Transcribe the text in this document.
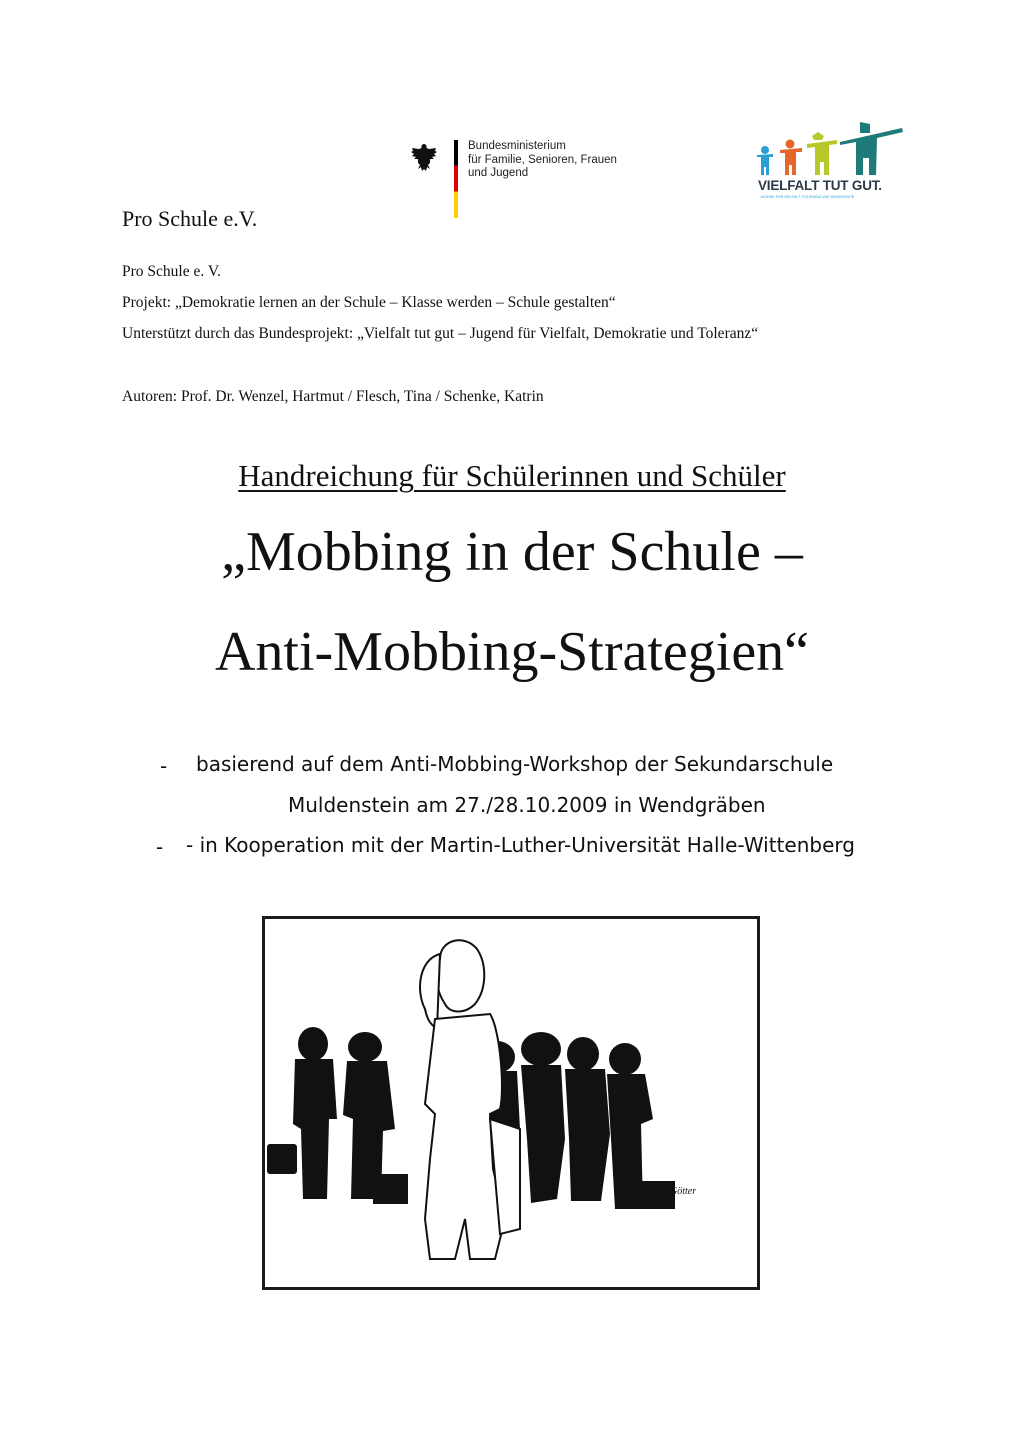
Bundesministerium
für Familie, Senioren, Frauen
und Jugend
VIELFALT TUT GUT.
JUGEND FÜR VIELFALT, TOLERANZ UND DEMOKRATIE
Pro Schule e.V.
Pro Schule e. V.
Projekt: „Demokratie lernen an der Schule – Klasse werden – Schule gestalten“
Unterstützt durch das Bundesprojekt: „Vielfalt tut gut – Jugend für Vielfalt, Demokratie und Toleranz“
Autoren: Prof. Dr. Wenzel, Hartmut / Flesch, Tina / Schenke, Katrin
Handreichung für Schülerinnen und Schüler
„Mobbing in der Schule –
Anti-Mobbing-Strategien“
- basierend auf dem Anti-Mobbing-Workshop der Sekundarschule
Muldenstein am 27./28.10.2009 in Wendgräben
- - in Kooperation mit der Martin-Luther-Universität Halle-Wittenberg
Götter
